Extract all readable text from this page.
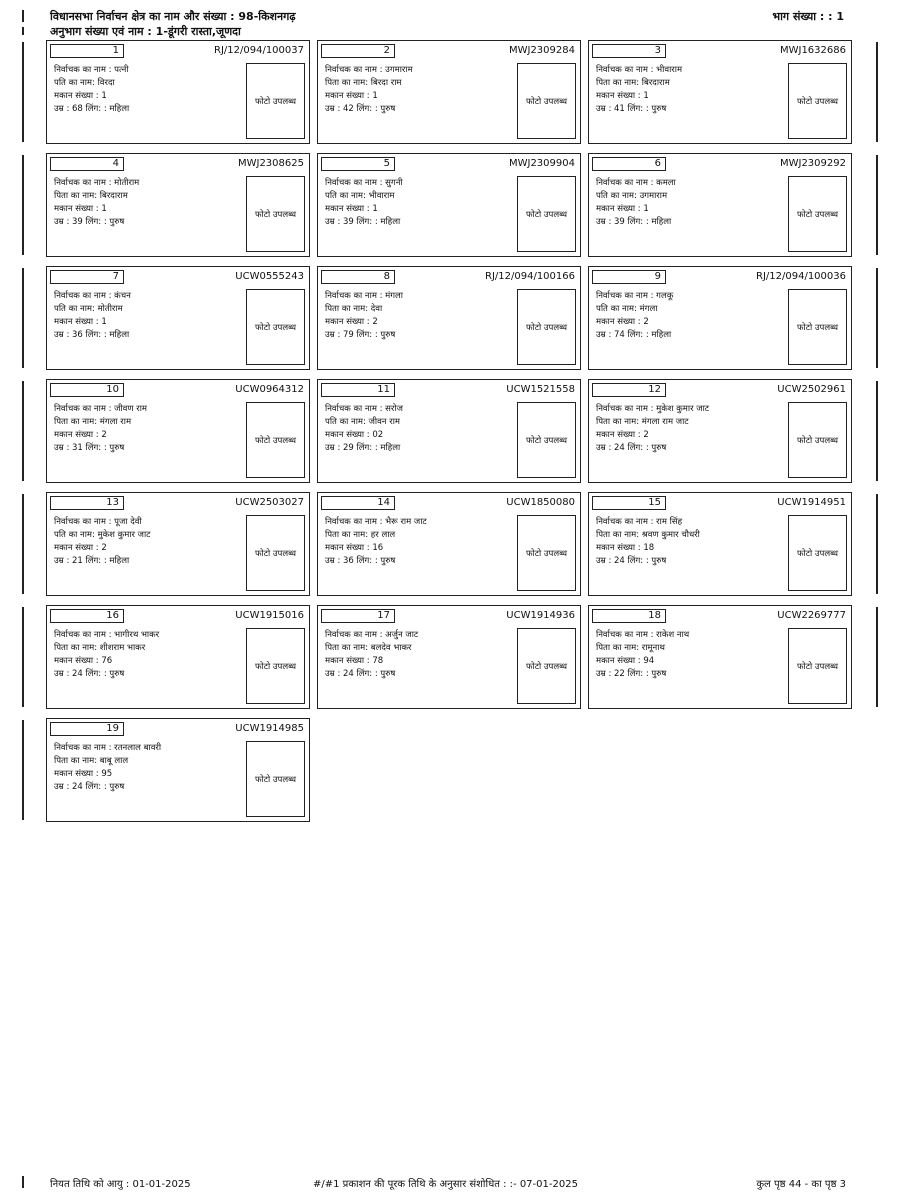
विधानसभा निर्वाचन क्षेत्र का नाम और संख्या : 98-किशनगढ़
अनुभाग संख्या एवं नाम : 1-डूंगरी रास्ता,जूणदा
भाग संख्या : : 1
1	RJ/12/094/100037
निर्वाचक का नाम : पत्नी
पति का नाम: विरदा
मकान संख्या : 1
उम्र : 68 लिंग: : महिला
फोटो उपलब्ध
2	MWJ2309284
निर्वाचक का नाम : उगमाराम
पिता का नाम: बिरदा राम
मकान संख्या : 1
उम्र : 42 लिंग: : पुरुष
फोटो उपलब्ध
3	MWJ1632686
निर्वाचक का नाम : भीवाराम
पिता का नाम: बिरदाराम
मकान संख्या : 1
उम्र : 41 लिंग: : पुरुष
फोटो उपलब्ध
4	MWJ2308625
निर्वाचक का नाम : मोतीराम
पिता का नाम: बिरदाराम
मकान संख्या : 1
उम्र : 39 लिंग: : पुरुष
फोटो उपलब्ध
5	MWJ2309904
निर्वाचक का नाम : सुगनी
पति का नाम: भीवाराम
मकान संख्या : 1
उम्र : 39 लिंग: : महिला
फोटो उपलब्ध
6	MWJ2309292
निर्वाचक का नाम : कमला
पति का नाम: उगमाराम
मकान संख्या : 1
उम्र : 39 लिंग: : महिला
फोटो उपलब्ध
7	UCW0555243
निर्वाचक का नाम : कंचन
पति का नाम: मोतीराम
मकान संख्या : 1
उम्र : 36 लिंग: : महिला
फोटो उपलब्ध
8	RJ/12/094/100166
निर्वाचक का नाम : मंगला
पिता का नाम: देवा
मकान संख्या : 2
उम्र : 79 लिंग: : पुरुष
फोटो उपलब्ध
9	RJ/12/094/100036
निर्वाचक का नाम : गलकू
पति का नाम: मंगला
मकान संख्या : 2
उम्र : 74 लिंग: : महिला
फोटो उपलब्ध
10	UCW0964312
निर्वाचक का नाम : जीवण राम
पिता का नाम: मंगला राम
मकान संख्या : 2
उम्र : 31 लिंग: : पुरुष
फोटो उपलब्ध
11	UCW1521558
निर्वाचक का नाम : सरोज
पति का नाम: जीवन राम
मकान संख्या : 02
उम्र : 29 लिंग: : महिला
फोटो उपलब्ध
12	UCW2502961
निर्वाचक का नाम : मुकेश कुमार जाट
पिता का नाम: मंगला राम जाट
मकान संख्या : 2
उम्र : 24 लिंग: : पुरुष
फोटो उपलब्ध
13	UCW2503027
निर्वाचक का नाम : पूजा देवी
पति का नाम: मुकेश कुमार जाट
मकान संख्या : 2
उम्र : 21 लिंग: : महिला
फोटो उपलब्ध
14	UCW1850080
निर्वाचक का नाम : भैरू राम जाट
पिता का नाम: हर लाल
मकान संख्या : 16
उम्र : 36 लिंग: : पुरुष
फोटो उपलब्ध
15	UCW1914951
निर्वाचक का नाम : राम सिंह
पिता का नाम: श्रवण कुमार चौधरी
मकान संख्या : 18
उम्र : 24 लिंग: : पुरुष
फोटो उपलब्ध
16	UCW1915016
निर्वाचक का नाम : भागीरथ भाकर
पिता का नाम: शीशराम भाकर
मकान संख्या : 76
उम्र : 24 लिंग: : पुरुष
फोटो उपलब्ध
17	UCW1914936
निर्वाचक का नाम : अर्जुन जाट
पिता का नाम: बलदेव भाकर
मकान संख्या : 78
उम्र : 24 लिंग: : पुरुष
फोटो उपलब्ध
18	UCW2269777
निर्वाचक का नाम : राकेश नाथ
पिता का नाम: रामूनाथ
मकान संख्या : 94
उम्र : 22 लिंग: : पुरुष
फोटो उपलब्ध
19	UCW1914985
निर्वाचक का नाम : रतनलाल बावरी
पिता का नाम: बाबू लाल
मकान संख्या : 95
उम्र : 24 लिंग: : पुरुष
फोटो उपलब्ध
नियत तिथि को आयु : 01-01-2025	#/#1 प्रकाशन की पूरक तिथि के अनुसार संशोधित : :- 07-01-2025	कुल पृष्ठ 44 - का पृष्ठ 3
